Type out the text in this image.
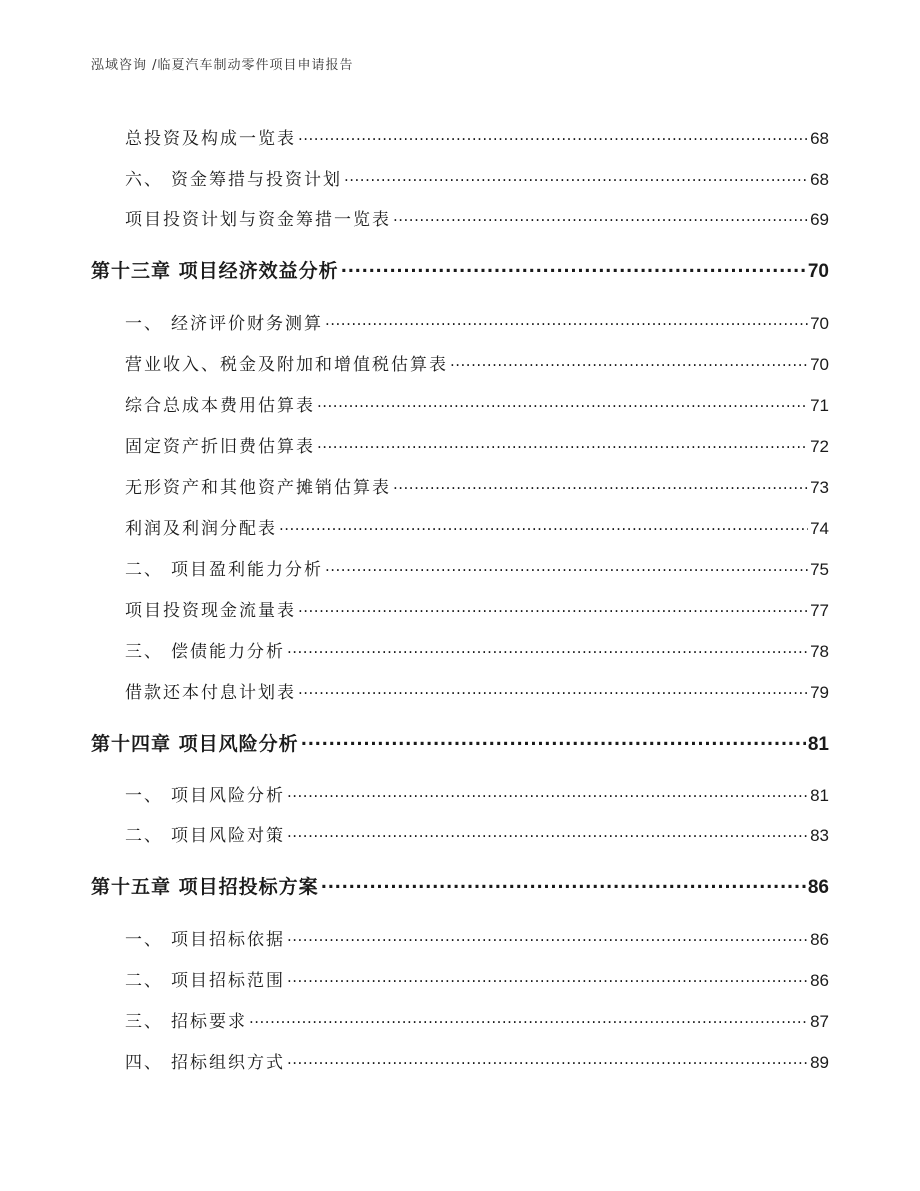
泓域咨询 /临夏汽车制动零件项目申请报告
总投资及构成一览表 .....	68
六、 资金筹措与投资计划 .....	68
项目投资计划与资金筹措一览表 .....	69
第十三章 项目经济效益分析 .....	70
一、 经济评价财务测算 .....	70
营业收入、税金及附加和增值税估算表 .....	70
综合总成本费用估算表 .....	71
固定资产折旧费估算表 .....	72
无形资产和其他资产摊销估算表 .....	73
利润及利润分配表 .....	74
二、 项目盈利能力分析 .....	75
项目投资现金流量表 .....	77
三、 偿债能力分析 .....	78
借款还本付息计划表 .....	79
第十四章 项目风险分析 .....	81
一、 项目风险分析 .....	81
二、 项目风险对策 .....	83
第十五章 项目招投标方案 .....	86
一、 项目招标依据 .....	86
二、 项目招标范围 .....	86
三、 招标要求 .....	87
四、 招标组织方式 .....	89
